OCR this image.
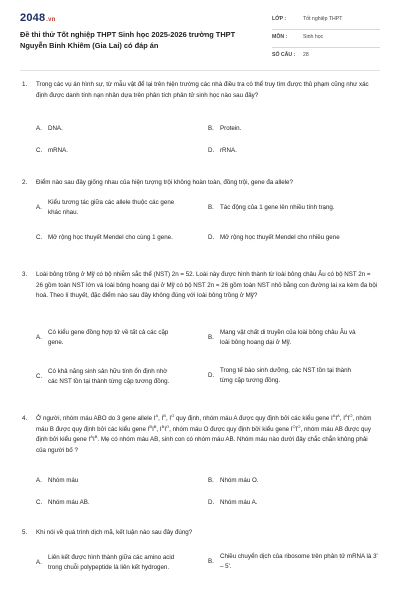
2048.vn
Đề thi thử Tốt nghiệp THPT Sinh học 2025-2026 trường THPT Nguyễn Bỉnh Khiêm (Gia Lai) có đáp án
LỚP :	Tốt nghiệp THPT
MÔN :	Sinh học
SỐ CÂU : 28
1. Trong các vụ án hình sự, từ mẫu vật để lại trên hiện trường các nhà điều tra có thể truy tìm được thủ phạm cũng như xác định được danh tính nạn nhân dựa trên phân tích phân tử sinh học nào sau đây?
A. DNA.	B. Protein.
C. mRNA.	D. rRNA.
2. Điểm nào sau đây giống nhau của hiện tượng trội không hoàn toàn, đồng trội, gene đa allele?
A.
Kiểu tương tác giữa các allele thuộc các gene khác nhau.
B. Tác động của 1 gene lên nhiều tính trạng.
C. Mở rộng học thuyết Mendel cho cùng 1 gene.	D. Mở rộng học thuyết Mendel cho nhiều gene
3. Loài bông trồng ở Mỹ có bộ nhiễm sắc thể (NST) 2n = 52. Loài này được hình thành từ loài bông châu Âu có bộ NST 2n = 26 gồm toàn NST lớn và loài bông hoang dại ở Mỹ có bộ NST 2n = 26 gồm toàn NST nhỏ bằng con đường lai xa kèm đa bội hoá. Theo lí thuyết, đặc điểm nào sau đây không đúng với loài bông trồng ở Mỹ?
A.
Có kiểu gene đồng hợp tử về tất cả các cặp gene.
B.
Mang vật chất di truyền của loài bông châu Âu và loài bông hoang dại ở Mỹ.
C.
Có khả năng sinh sản hữu tính ổn định nhờ các NST tồn tại thành từng cặp tương đồng.
D.
Trong tế bào sinh dưỡng, các NST tồn tại thành từng cặp tương đồng.
4. Ở người, nhóm máu ABO do 3 gene allele $I^A$, $I^B$, $I^O$ quy định, nhóm máu A được quy định bởi các kiểu gene $I^AI^A$, $I^AI^O$, nhóm máu B được quy định bởi các kiểu gene $I^BI^B$, $I^BI^O$, nhóm máu O được quy định bởi kiểu gene $I^OI^O$, nhóm máu AB được quy định bởi kiểu gene $I^AI^B$. Mẹ có nhóm máu AB, sinh con có nhóm máu AB. Nhóm máu nào dưới đây chắc chắn không phải của người bố ?
A. Nhóm máu	B. Nhóm máu O.
C. Nhóm máu AB.	D. Nhóm máu A.
5. Khi nói về quá trình dịch mã, kết luận nào sau đây đúng?
A.
Liên kết được hình thành giữa các amino acid trong chuỗi polypeptide là liên kết hydrogen.
B.
Chiều chuyển dịch của ribosome trên phân tử mRNA là 3' – 5'.
